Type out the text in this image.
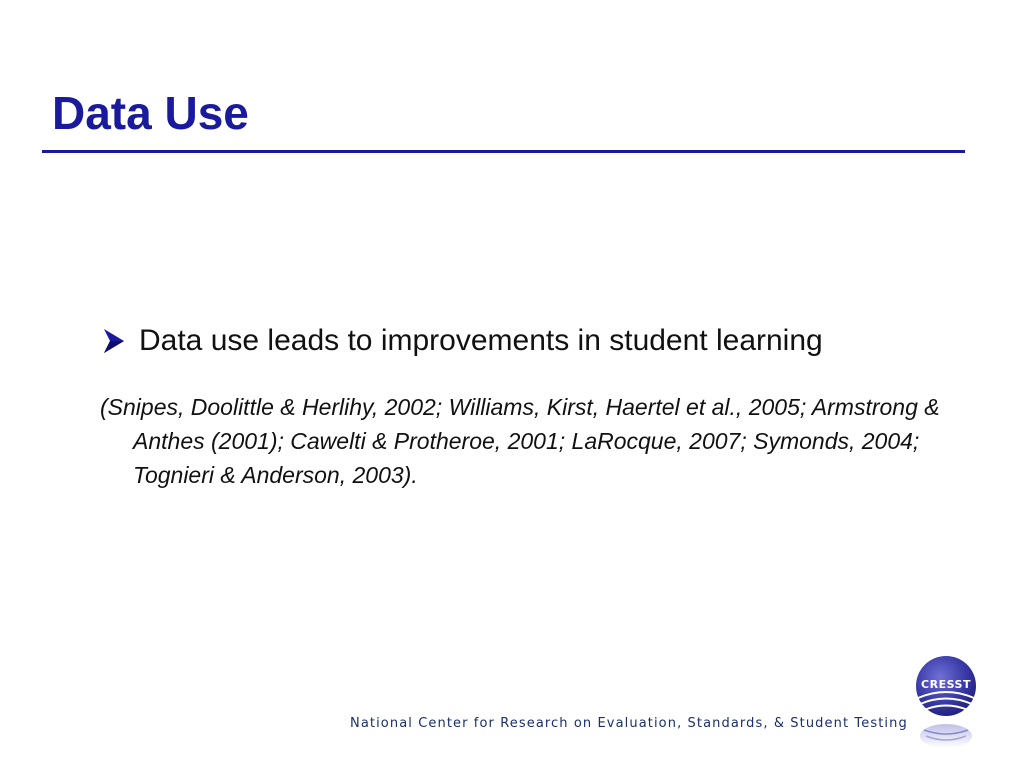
Data Use
Data use leads to improvements in student learning

(Snipes, Doolittle & Herlihy, 2002; Williams, Kirst, Haertel et al., 2005; Armstrong & Anthes (2001); Cawelti & Protheroe, 2001; LaRocque, 2007; Symonds, 2004; Tognieri & Anderson, 2003).

National Center for Research on Evaluation, Standards, & Student Testing
CRESST
